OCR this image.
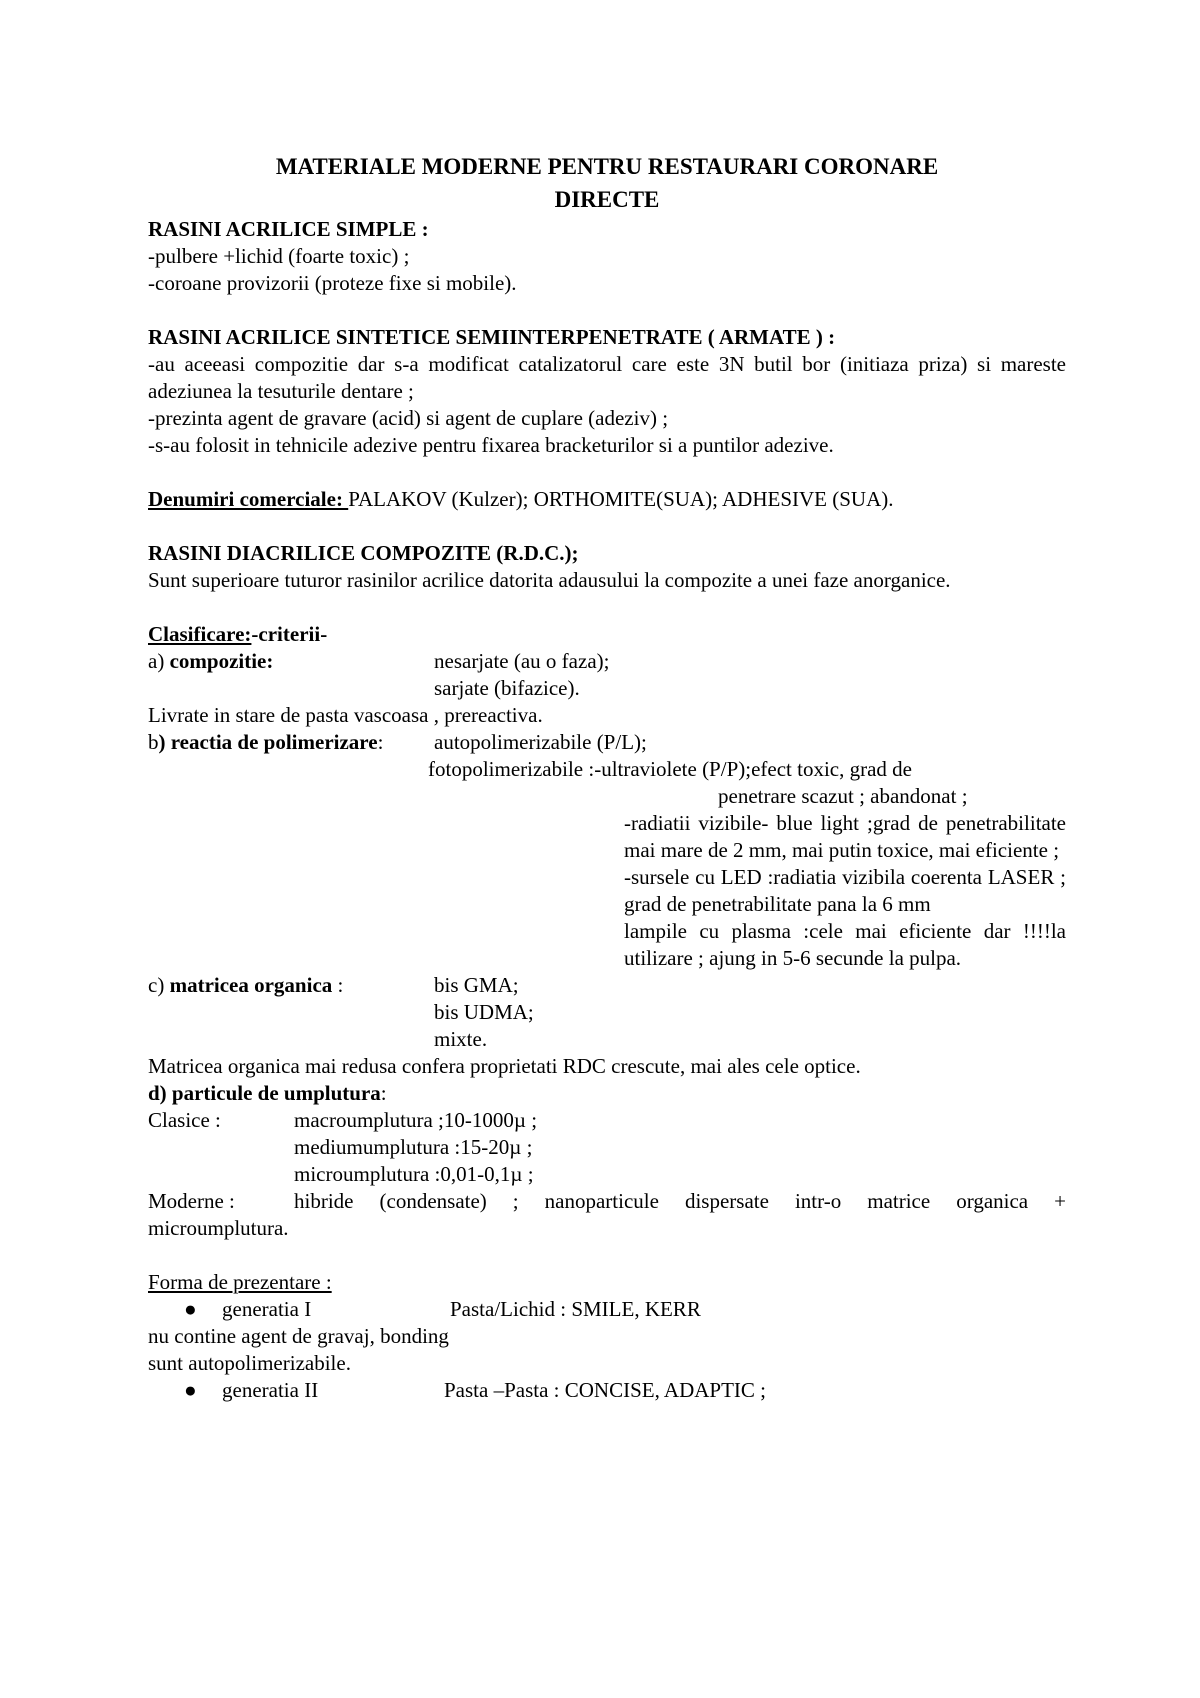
MATERIALE MODERNE PENTRU RESTAURARI CORONARE

DIRECTE

RASINI ACRILICE SIMPLE :

-pulbere +lichid (foarte toxic) ;

-coroane provizorii (proteze fixe si mobile).

RASINI ACRILICE SINTETICE SEMIINTERPENETRATE ( ARMATE ) :

-au aceeasi compozitie dar s-a modificat catalizatorul care este 3N butil bor (initiaza priza) si mareste adeziunea la tesuturile dentare ;

-prezinta agent de gravare (acid) si agent de cuplare (adeziv) ;

-s-au folosit in tehnicile adezive pentru fixarea bracketurilor si a puntilor adezive.

Denumiri comerciale: PALAKOV (Kulzer); ORTHOMITE(SUA); ADHESIVE (SUA).

RASINI DIACRILICE COMPOZITE (R.D.C.);

Sunt superioare tuturor rasinilor acrilice datorita adausului la compozite a unei faze anorganice.

Clasificare:-criterii-

a) compozitie:	nesarjate (au o faza);
sarjate (bifazice).

Livrate in stare de pasta vascoasa , prereactiva.

b) reactia de polimerizare:	autopolimerizabile (P/L);
fotopolimerizabile :-ultraviolete (P/P);efect toxic, grad de

penetrare scazut ; abandonat ;

-radiatii vizibile- blue light ;grad de penetrabilitate mai mare de 2 mm, mai putin toxice, mai eficiente ;

-sursele cu LED :radiatia vizibila coerenta LASER ; grad de penetrabilitate pana la 6 mm

lampile cu plasma :cele mai eficiente dar !!!!la utilizare ; ajung in 5-6 secunde la pulpa.

c) matricea organica :	bis GMA;
bis UDMA;
mixte.

Matricea organica mai redusa confera proprietati RDC crescute, mai ales cele optice.

d) particule de umplutura:

Clasice :	macroumplutura ;10-1000µ ;
mediumumplutura :15-20µ ;
microumplutura :0,01-0,1µ ;
Moderne :	hibride (condensate) ; nanoparticule dispersate intr-o matrice organica +

microumplutura.

Forma de prezentare :

●	generatia I	Pasta/Lichid : SMILE, KERR

nu contine agent de gravaj, bonding

sunt autopolimerizabile.

●	generatia II	Pasta –Pasta : CONCISE, ADAPTIC ;
